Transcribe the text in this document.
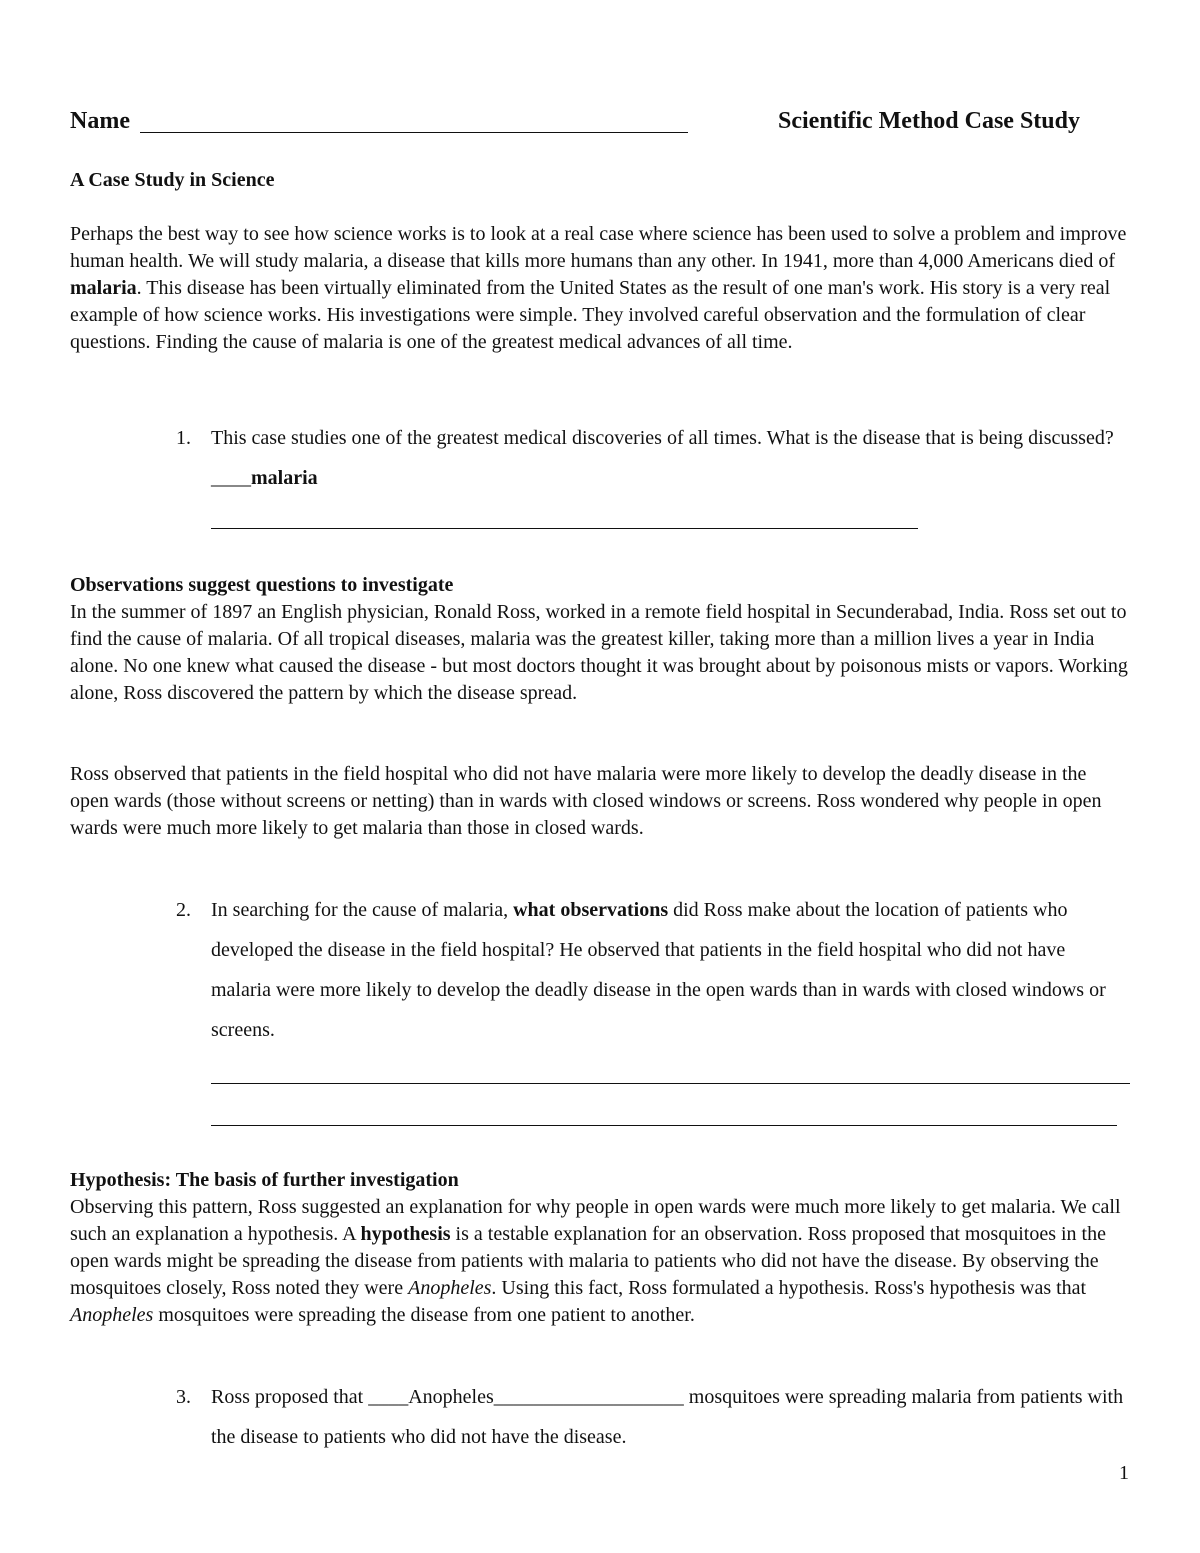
Name	Scientific Method Case Study
A Case Study in Science

Perhaps the best way to see how science works is to look at a real case where science has been used to solve a problem and improve human health. We will study malaria, a disease that kills more humans than any other. In 1941, more than 4,000 Americans died of malaria. This disease has been virtually eliminated from the United States as the result of one man's work. His story is a very real example of how science works. His investigations were simple. They involved careful observation and the formulation of clear questions. Finding the cause of malaria is one of the greatest medical advances of all time.

1. This case studies one of the greatest medical discoveries of all times. What is the disease that is being discussed?____malaria

Observations suggest questions to investigate

In the summer of 1897 an English physician, Ronald Ross, worked in a remote field hospital in Secunderabad, India. Ross set out to find the cause of malaria. Of all tropical diseases, malaria was the greatest killer, taking more than a million lives a year in India alone. No one knew what caused the disease - but most doctors thought it was brought about by poisonous mists or vapors. Working alone, Ross discovered the pattern by which the disease spread.

Ross observed that patients in the field hospital who did not have malaria were more likely to develop the deadly disease in the open wards (those without screens or netting) than in wards with closed windows or screens. Ross wondered why people in open wards were much more likely to get malaria than those in closed wards.

2. In searching for the cause of malaria, what observations did Ross make about the location of patients who developed the disease in the field hospital? He observed that patients in the field hospital who did not have malaria were more likely to develop the deadly disease in the open wards than in wards with closed windows or screens.

Hypothesis: The basis of further investigation

Observing this pattern, Ross suggested an explanation for why people in open wards were much more likely to get malaria. We call such an explanation a hypothesis. A hypothesis is a testable explanation for an observation. Ross proposed that mosquitoes in the open wards might be spreading the disease from patients with malaria to patients who did not have the disease. By observing the mosquitoes closely, Ross noted they were Anopheles. Using this fact, Ross formulated a hypothesis. Ross's hypothesis was that Anopheles mosquitoes were spreading the disease from one patient to another.

3. Ross proposed that ____Anopheles___________________ mosquitoes were spreading malaria from patients with the disease to patients who did not have the disease.

1
